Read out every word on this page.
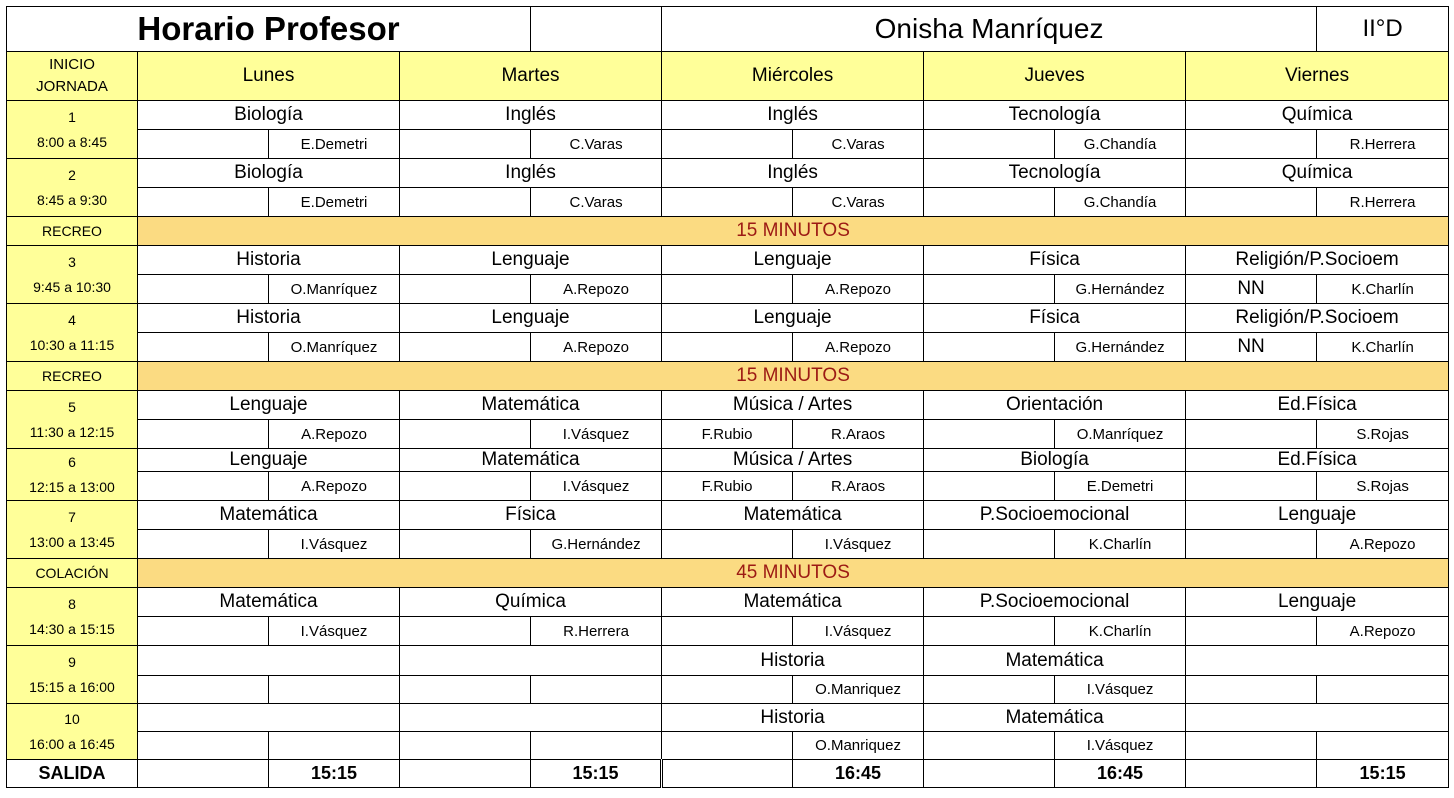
Horario Profesor					Onisha Manríquez					II°D
INICIO
JORNADA	Lunes		Martes		Miércoles		Jueves		Viernes	
1
8:00 a 8:45	Biología		Inglés		Inglés		Tecnología		Química	
		E.Demetri		C.Varas		C.Varas		G.Chandía		R.Herrera
2
8:45 a 9:30	Biología		Inglés		Inglés		Tecnología		Química	
		E.Demetri		C.Varas		C.Varas		G.Chandía		R.Herrera
RECREO	15 MINUTOS									
3
9:45 a 10:30	Historia		Lenguaje		Lenguaje		Física		Religión/P.Socioem	
		O.Manríquez		A.Repozo		A.Repozo		G.Hernández	NN	K.Charlín
4
10:30 a 11:15	Historia		Lenguaje		Lenguaje		Física		Religión/P.Socioem	
		O.Manríquez		A.Repozo		A.Repozo		G.Hernández	NN	K.Charlín
RECREO	15 MINUTOS									
5
11:30 a 12:15	Lenguaje		Matemática		Música / Artes		Orientación		Ed.Física	
		A.Repozo		I.Vásquez	F.Rubio	R.Araos		O.Manríquez		S.Rojas
6
12:15 a 13:00	Lenguaje		Matemática		Música / Artes		Biología		Ed.Física	
		A.Repozo		I.Vásquez	F.Rubio	R.Araos		E.Demetri		S.Rojas
7
13:00 a 13:45	Matemática		Física		Matemática		P.Socioemocional		Lenguaje	
		I.Vásquez		G.Hernández		I.Vásquez		K.Charlín		A.Repozo
COLACIÓN	45 MINUTOS									
8
14:30 a 15:15	Matemática		Química		Matemática		P.Socioemocional		Lenguaje	
		I.Vásquez		R.Herrera		I.Vásquez		K.Charlín		A.Repozo
9
15:15 a 16:00					Historia		Matemática			
						O.Manriquez		I.Vásquez		
10
16:00 a 16:45					Historia		Matemática			
						O.Manriquez		I.Vásquez		
SALIDA		15:15		15:15		16:45		16:45		15:15
